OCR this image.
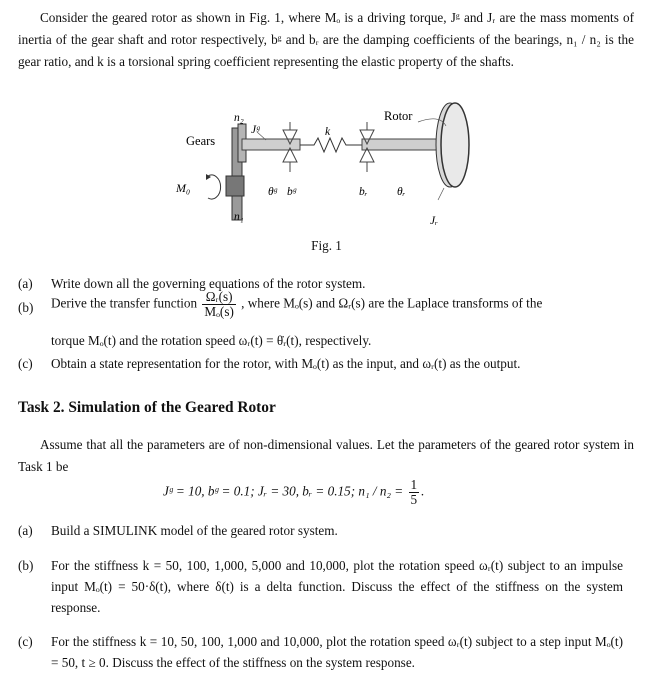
Consider the geared rotor as shown in Fig. 1, where Mₒ is a driving torque, Jᵍ and Jᵣ are the mass moments of inertia of the gear shaft and rotor respectively, bᵍ and bᵣ are the damping coefficients of the bearings, n₁ / n₂ is the gear ratio, and k is a torsional spring coefficient representing the elastic property of the shafts.
Rotor
Gears
n₂
Jᵍ	k
M₀	θᵍ bᵍ	bᵣ	θᵣ
n₁	Jᵣ
Fig. 1
(a) Write down all the governing equations of the rotor system.
(b) Derive the transfer function $\frac{\text{Ωᵣ(s)}}{\text{Mₒ(s)}}$ , where Mₒ(s) and Ωᵣ(s) are the Laplace transforms of the
torque Mₒ(t) and the rotation speed ωᵣ(t) = θ̇ᵣ(t), respectively.
(c) Obtain a state representation for the rotor, with Mₒ(t) as the input, and ωᵣ(t) as the output.
Task 2. Simulation of the Geared Rotor
Assume that all the parameters are of non-dimensional values. Let the parameters of the geared rotor system in Task 1 be
Jᵍ = 10, bᵍ = 0.1; Jᵣ = 30, bᵣ = 0.15; $n_1 / n_2 = \frac{1}{5}$ .
(a) Build a SIMULINK model of the geared rotor system.
(b) For the stiffness k = 50, 100, 1,000, 5,000 and 10,000, plot the rotation speed ωᵣ(t) subject to an impulse input Mₒ(t) = 50·δ(t), where δ(t) is a delta function. Discuss the effect of the stiffness on the system response.
(c) For the stiffness k = 10, 50, 100, 1,000 and 10,000, plot the rotation speed ωᵣ(t) subject to a step input Mₒ(t) = 50, t ≥ 0. Discuss the effect of the stiffness on the system response.
